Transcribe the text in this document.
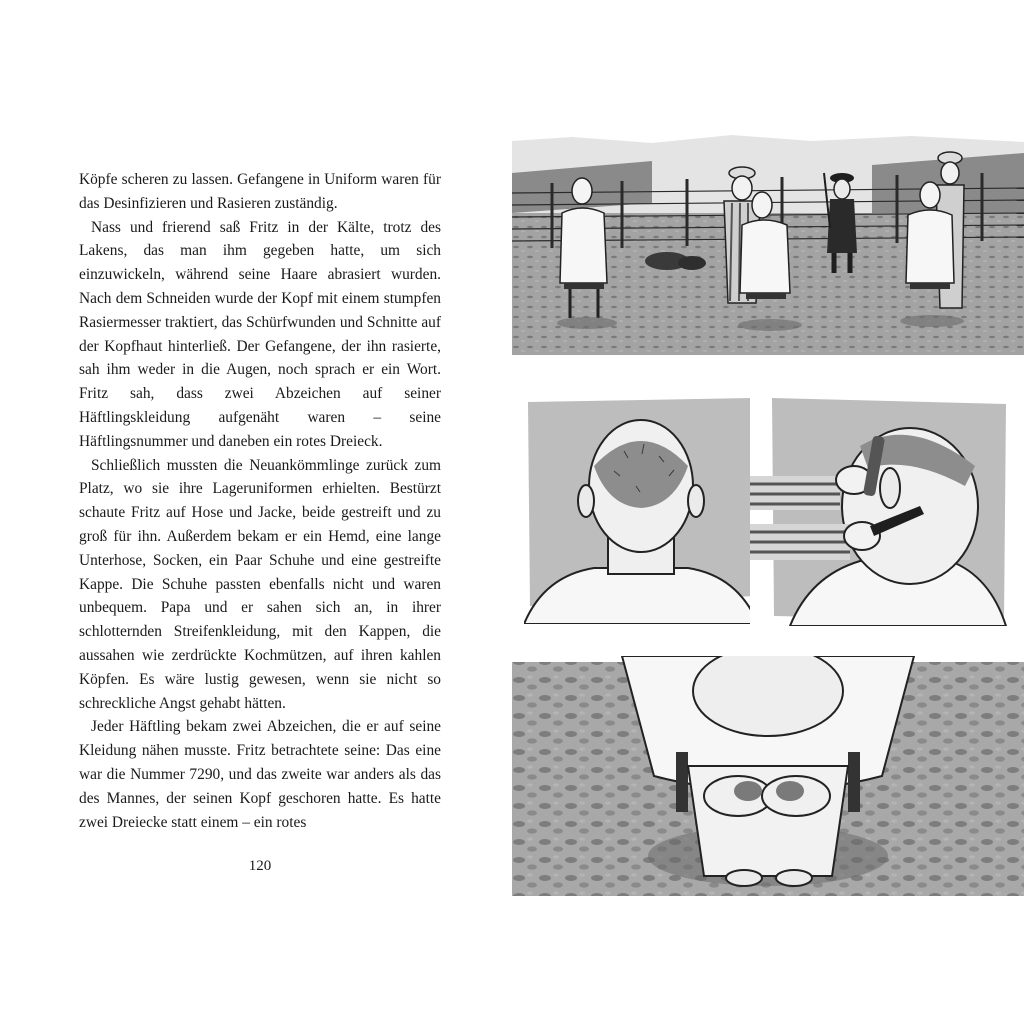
Köpfe scheren zu lassen. Gefangene in Uniform waren für das Desinfizieren und Rasieren zuständig.

Nass und frierend saß Fritz in der Kälte, trotz des Lakens, das man ihm gegeben hatte, um sich einzuwickeln, während seine Haare abrasiert wurden. Nach dem Schneiden wurde der Kopf mit einem stumpfen Rasiermesser traktiert, das Schürfwunden und Schnitte auf der Kopfhaut hinterließ. Der Gefangene, der ihn rasierte, sah ihm weder in die Augen, noch sprach er ein Wort. Fritz sah, dass zwei Abzeichen auf seiner Häftlingskleidung aufgenäht waren – seine Häftlingsnummer und daneben ein rotes Dreieck.

Schließlich mussten die Neuankömmlinge zurück zum Platz, wo sie ihre Lageruniformen erhielten. Bestürzt schaute Fritz auf Hose und Jacke, beide gestreift und zu groß für ihn. Außerdem bekam er ein Hemd, eine lange Unterhose, Socken, ein Paar Schuhe und eine gestreifte Kappe. Die Schuhe passten ebenfalls nicht und waren unbequem. Papa und er sahen sich an, in ihrer schlotternden Streifenkleidung, mit den Kappen, die aussahen wie zerdrückte Kochmützen, auf ihren kahlen Köpfen. Es wäre lustig gewesen, wenn sie nicht so schreckliche Angst gehabt hätten.

Jeder Häftling bekam zwei Abzeichen, die er auf seine Kleidung nähen musste. Fritz betrachtete seine: Das eine war die Nummer 7290, und das zweite war anders als das des Mannes, der seinen Kopf geschoren hatte. Es hatte zwei Dreiecke statt einem – ein rotes

120
